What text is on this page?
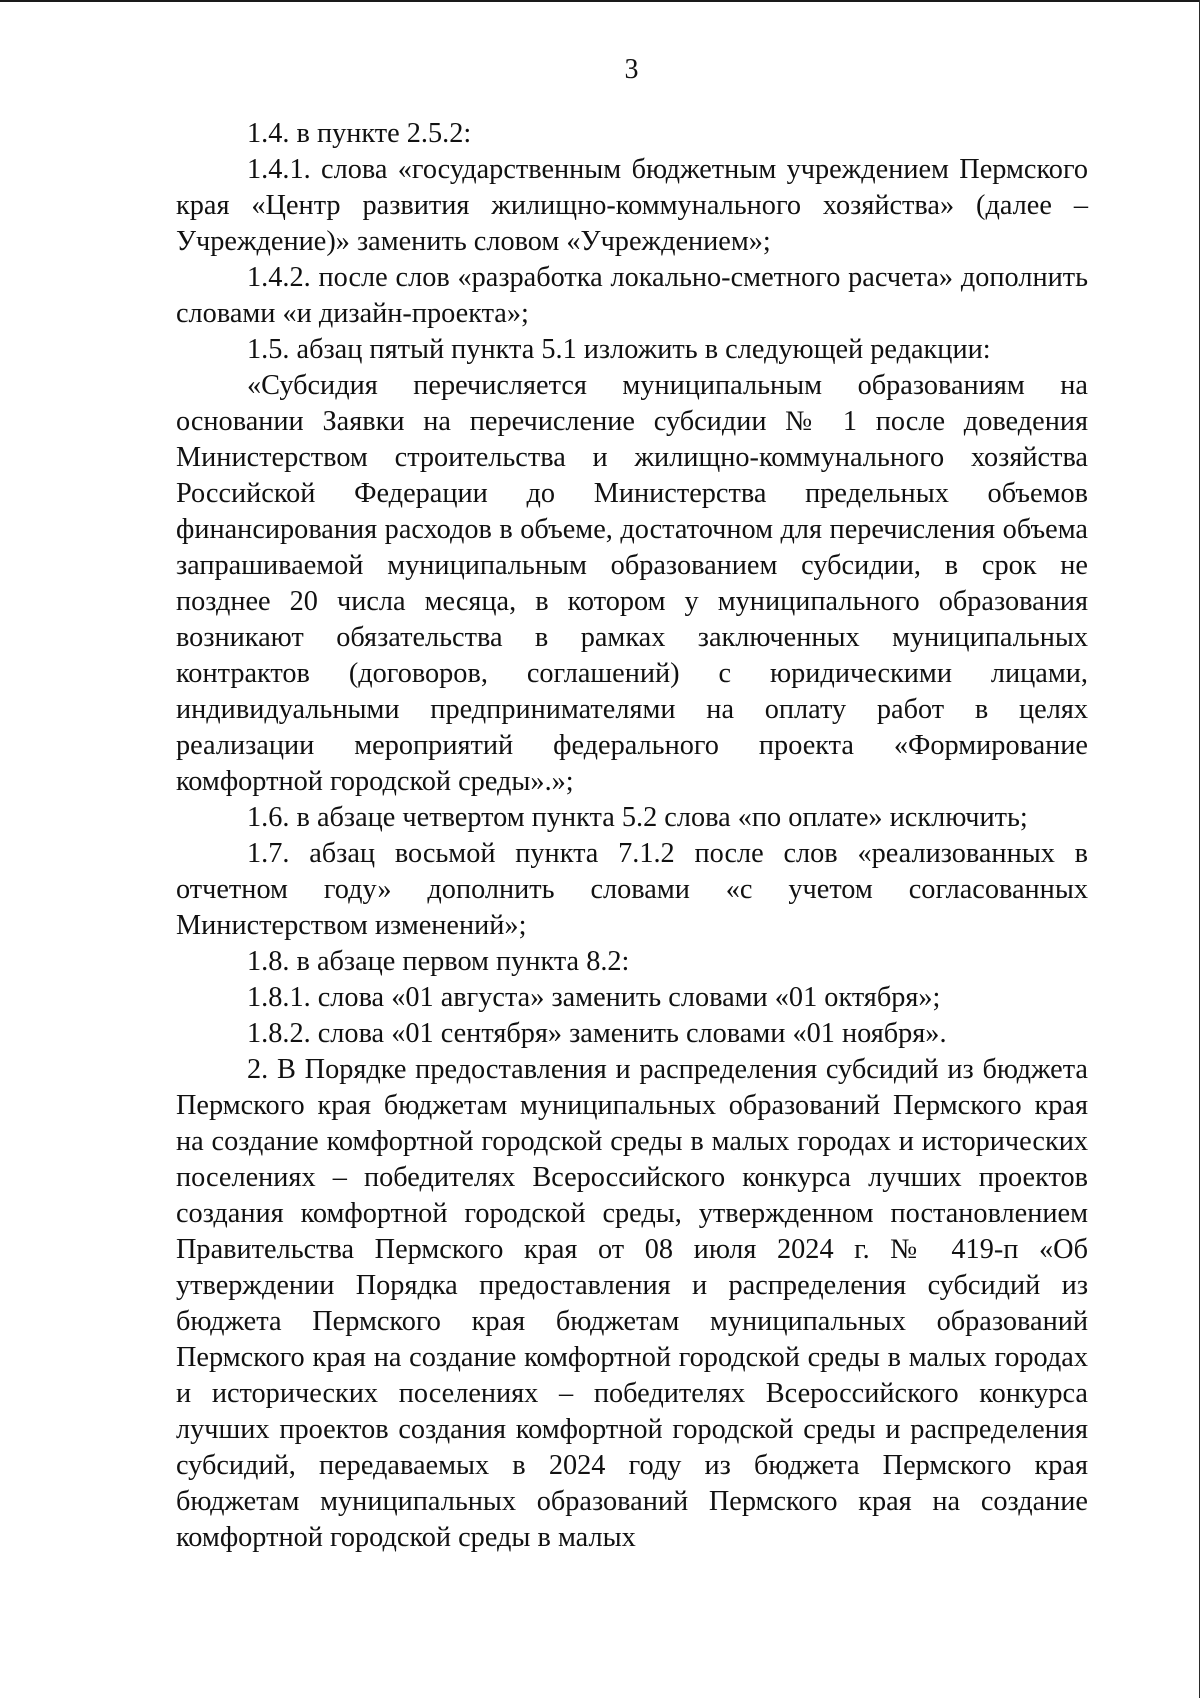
3

1.4. в пункте 2.5.2:

1.4.1. слова «государственным бюджетным учреждением Пермского края «Центр развития жилищно-коммунального хозяйства» (далее – Учреждение)» заменить словом «Учреждением»;

1.4.2. после слов «разработка локально-сметного расчета» дополнить словами «и дизайн-проекта»;

1.5. абзац пятый пункта 5.1 изложить в следующей редакции:

«Субсидия перечисляется муниципальным образованиям на основании Заявки на перечисление субсидии № 1 после доведения Министерством строительства и жилищно-коммунального хозяйства Российской Федерации до Министерства предельных объемов финансирования расходов в объеме, достаточном для перечисления объема запрашиваемой муниципальным образованием субсидии, в срок не позднее 20 числа месяца, в котором у муниципального образования возникают обязательства в рамках заключенных муниципальных контрактов (договоров, соглашений) с юридическими лицами, индивидуальными предпринимателями на оплату работ в целях реализации мероприятий федерального проекта «Формирование комфортной городской среды».»;

1.6. в абзаце четвертом пункта 5.2 слова «по оплате» исключить;

1.7. абзац восьмой пункта 7.1.2 после слов «реализованных в отчетном году» дополнить словами «с учетом согласованных Министерством изменений»;

1.8. в абзаце первом пункта 8.2:

1.8.1. слова «01 августа» заменить словами «01 октября»;

1.8.2. слова «01 сентября» заменить словами «01 ноября».

2. В Порядке предоставления и распределения субсидий из бюджета Пермского края бюджетам муниципальных образований Пермского края на создание комфортной городской среды в малых городах и исторических поселениях – победителях Всероссийского конкурса лучших проектов создания комфортной городской среды, утвержденном постановлением Правительства Пермского края от 08 июля 2024 г. № 419-п «Об утверждении Порядка предоставления и распределения субсидий из бюджета Пермского края бюджетам муниципальных образований Пермского края на создание комфортной городской среды в малых городах и исторических поселениях – победителях Всероссийского конкурса лучших проектов создания комфортной городской среды и распределения субсидий, передаваемых в 2024 году из бюджета Пермского края бюджетам муниципальных образований Пермского края на создание комфортной городской среды в малых
